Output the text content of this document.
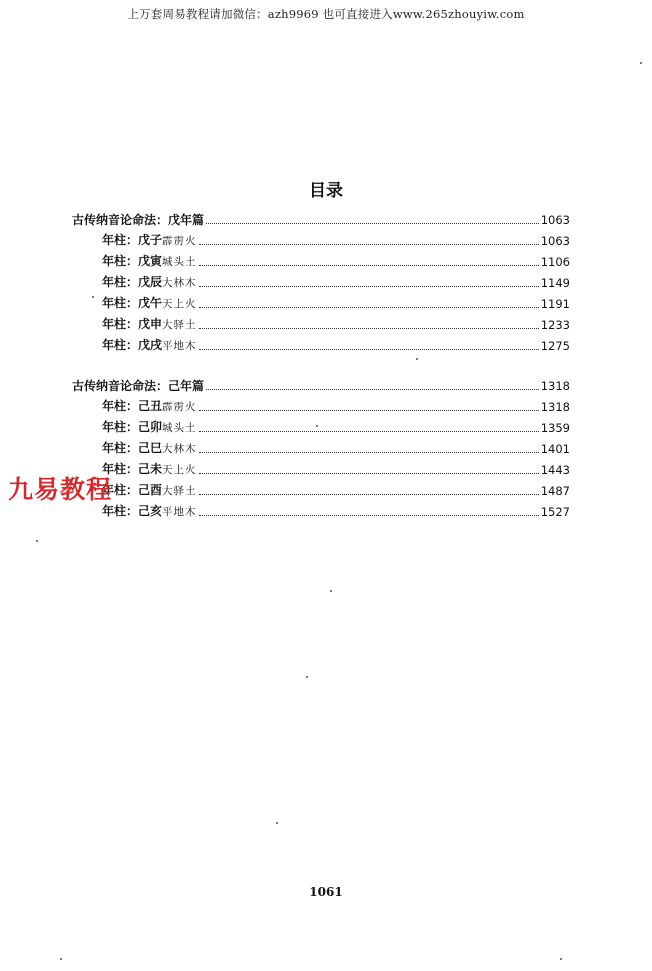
上万套周易教程请加微信：azh9969 也可直接进入www.265zhouyiw.com
目录
古传纳音论命法：戊年篇	1063
年柱：戊子霹雳火	1063
年柱：戊寅城头土	1106
年柱：戊辰大林木	1149
年柱：戊午天上火	1191
年柱：戊申大驿土	1233
年柱：戊戌平地木	1275
古传纳音论命法：己年篇	1318
年柱：己丑霹雳火	1318
年柱：己卯城头土	1359
年柱：己巳大林木	1401
年柱：己未天上火	1443
年柱：己酉大驿土	1487
年柱：己亥平地木	1527
九易教程
1061
